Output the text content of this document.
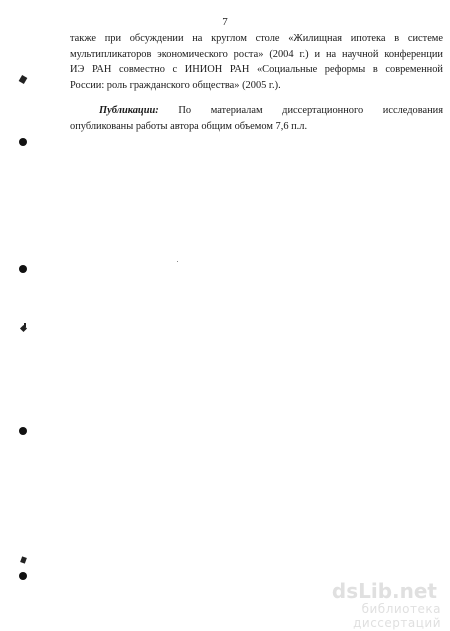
7
также при обсуждении на круглом столе «Жилищная ипотека в системе
мультипликаторов экономического роста» (2004 г.) и на научной конференции
ИЭ РАН совместно с ИНИОН РАН «Социальные реформы в современной
России: роль гражданского общества» (2005 г.).
Публикации: По материалам диссертационного исследования
опубликованы работы автора общим объемом 7,6 п.л.
dsLib.net
библиотека диссертаций
